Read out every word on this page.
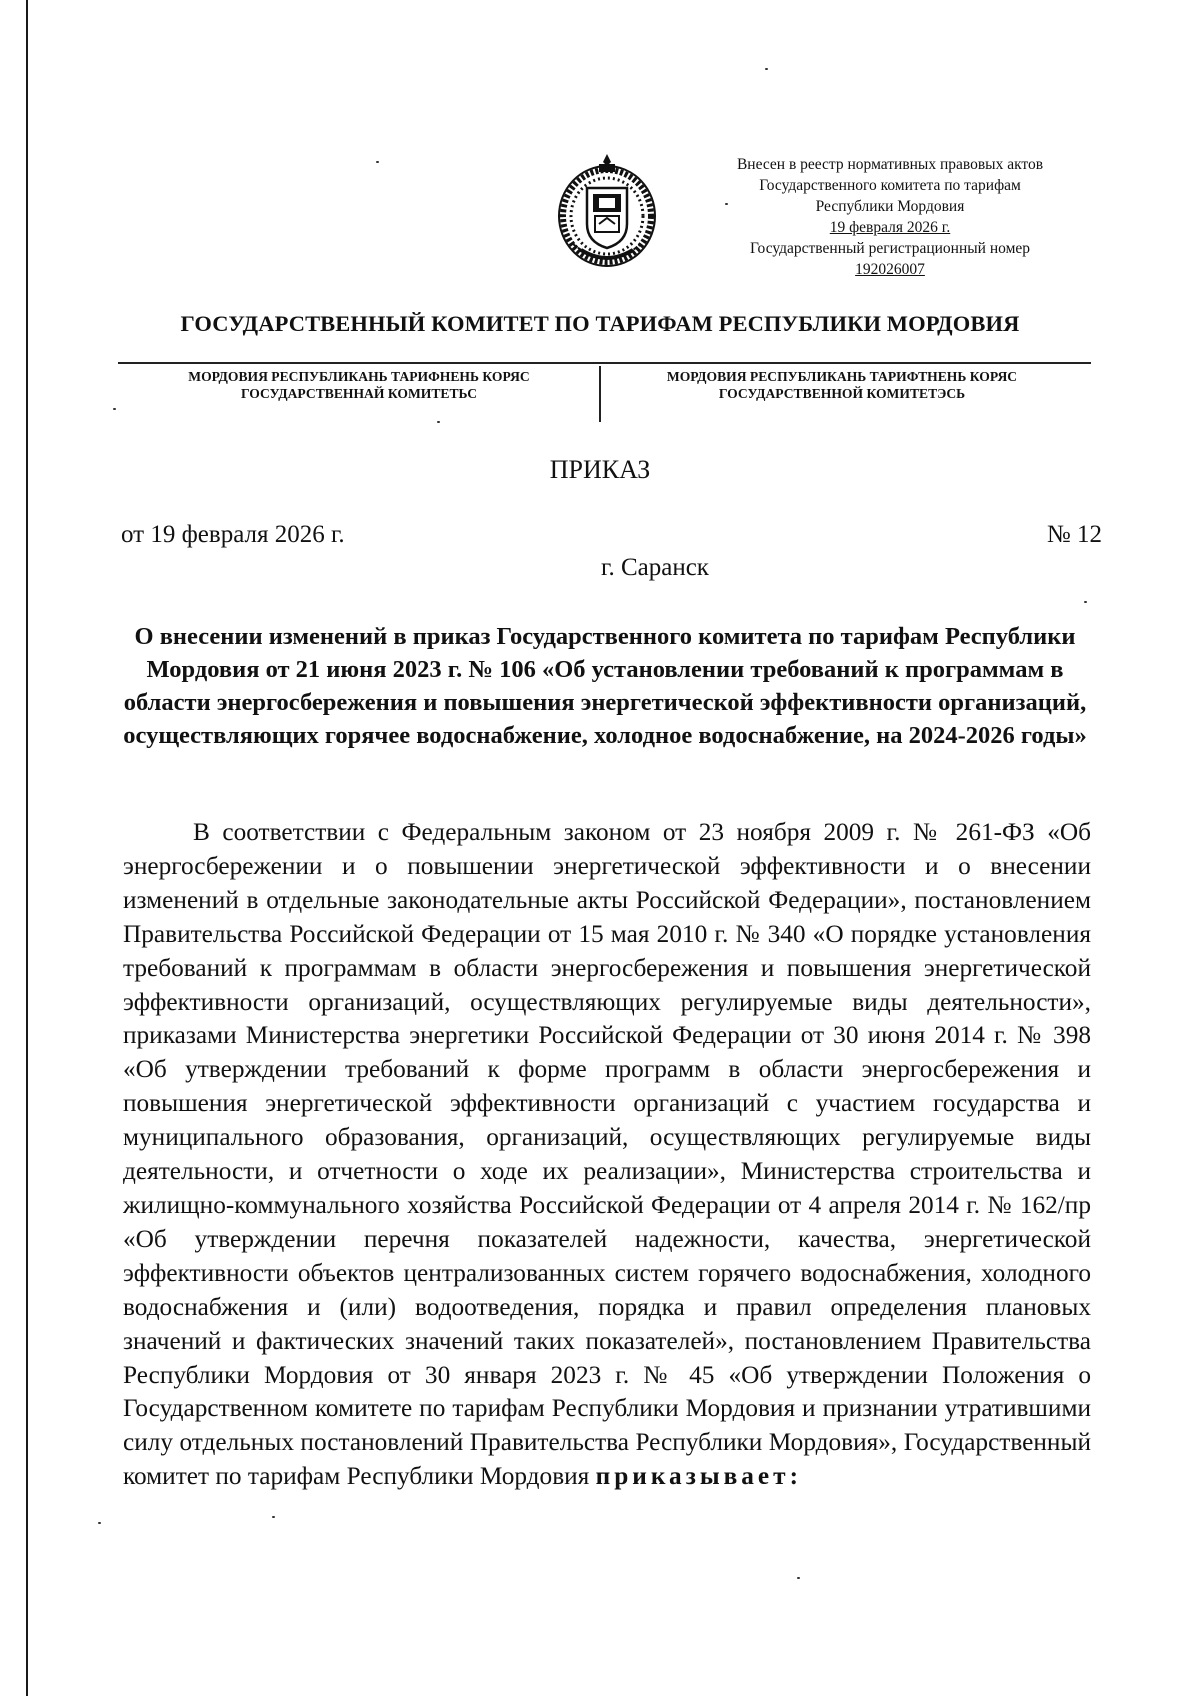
Внесен в реестр нормативных правовых актов
Государственного комитета по тарифам
Республики Мордовия
19 февраля 2026 г.
Государственный регистрационный номер
192026007
ГОСУДАРСТВЕННЫЙ КОМИТЕТ ПО ТАРИФАМ РЕСПУБЛИКИ МОРДОВИЯ
МОРДОВИЯ РЕСПУБЛИКАНЬ ТАРИФНЕНЬ КОРЯС
ГОСУДАРСТВЕННАЙ КОМИТЕТЬС
МОРДОВИЯ РЕСПУБЛИКАНЬ ТАРИФТНЕНЬ КОРЯС
ГОСУДАРСТВЕННОЙ КОМИТЕТЭСЬ
ПРИКАЗ
от 19 февраля 2026 г.	№ 12
г. Саранск
О внесении изменений в приказ Государственного комитета по тарифам Республики Мордовия от 21 июня 2023 г. № 106 «Об установлении требований к программам в области энергосбережения и повышения энергетической эффективности организаций, осуществляющих горячее водоснабжение, холодное водоснабжение, на 2024-2026 годы»
В соответствии с Федеральным законом от 23 ноября 2009 г. № 261-ФЗ «Об энергосбережении и о повышении энергетической эффективности и о внесении изменений в отдельные законодательные акты Российской Федерации», постановлением Правительства Российской Федерации от 15 мая 2010 г. № 340 «О порядке установления требований к программам в области энергосбережения и повышения энергетической эффективности организаций, осуществляющих регулируемые виды деятельности», приказами Министерства энергетики Российской Федерации от 30 июня 2014 г. № 398 «Об утверждении требований к форме программ в области энергосбережения и повышения энергетической эффективности организаций с участием государства и муниципального образования, организаций, осуществляющих регулируемые виды деятельности, и отчетности о ходе их реализации», Министерства строительства и жилищно-коммунального хозяйства Российской Федерации от 4 апреля 2014 г. № 162/пр «Об утверждении перечня показателей надежности, качества, энергетической эффективности объектов централизованных систем горячего водоснабжения, холодного водоснабжения и (или) водоотведения, порядка и правил определения плановых значений и фактических значений таких показателей», постановлением Правительства Республики Мордовия от 30 января 2023 г. № 45 «Об утверждении Положения о Государственном комитете по тарифам Республики Мордовия и признании утратившими силу отдельных постановлений Правительства Республики Мордовия», Государственный комитет по тарифам Республики Мордовия приказывает:
